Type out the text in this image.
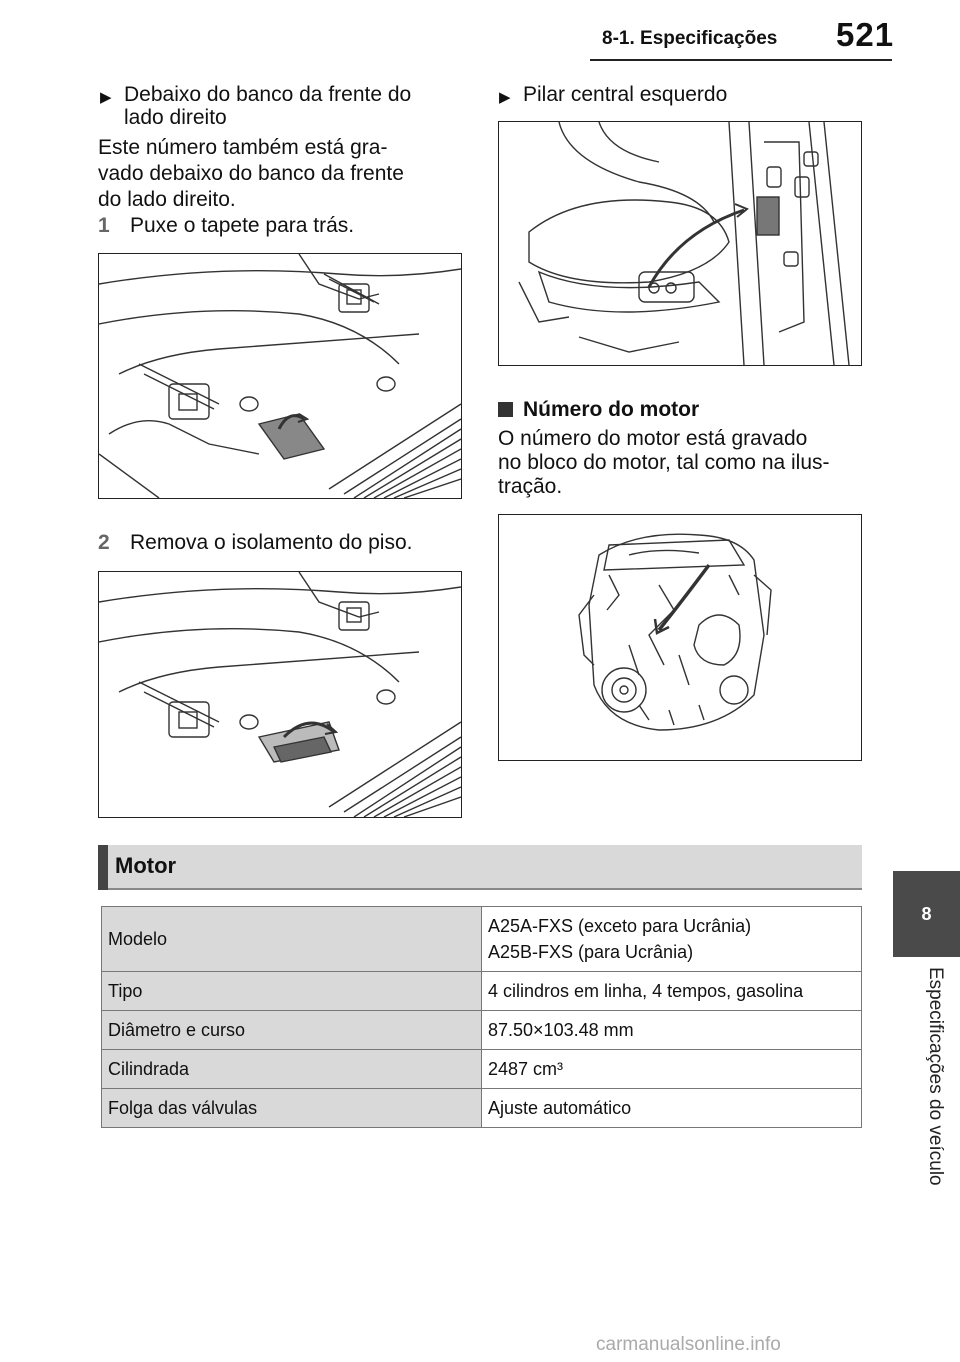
8-1. Especificações 521
8
Especificações do veículo
▶ Debaixo do banco da frente do lado direito
Este número também está gra-
vado debaixo do banco da frente
do lado direito.
1 Puxe o tapete para trás.
2 Remova o isolamento do piso.
▶ Pilar central esquerdo
Número do motor
O número do motor está gravado
no bloco do motor, tal como na ilus-
tração.
Motor
Modelo	A25A-FXS (exceto para Ucrânia)
A25B-FXS (para Ucrânia)

Tipo	4 cilindros em linha, 4 tempos, gasolina

Diâmetro e curso	87.50×103.48 mm

Cilindrada	2487 cm³

Folga das válvulas	Ajuste automático
carmanualsonline.info
